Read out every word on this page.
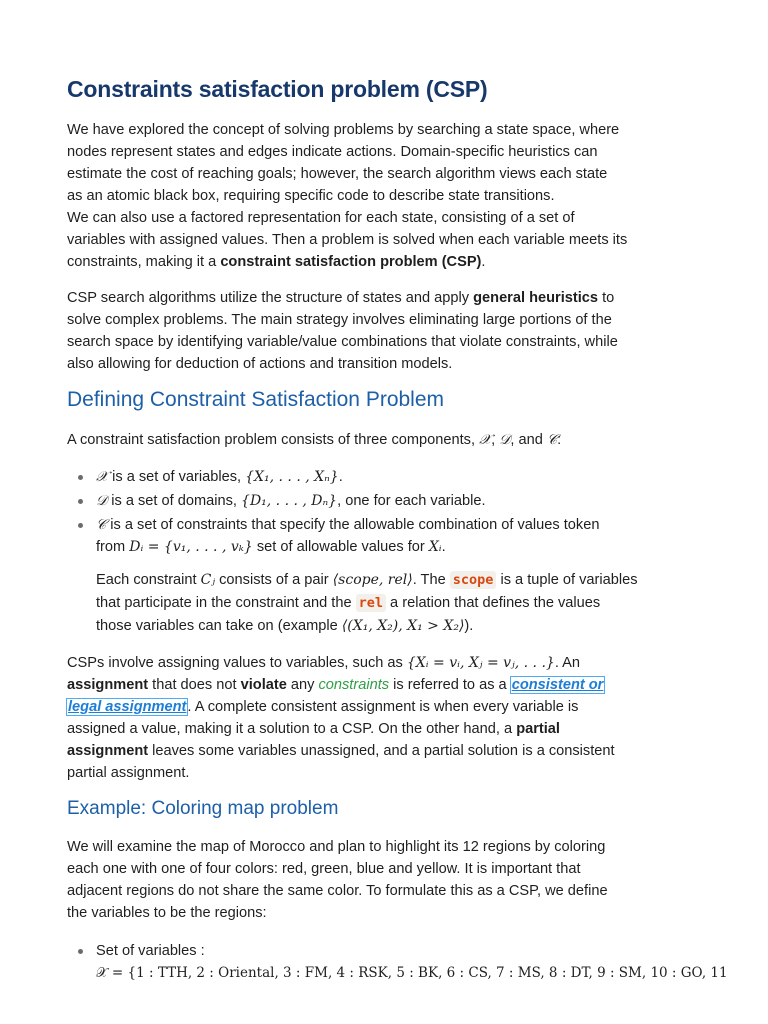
Constraints satisfaction problem (CSP)
We have explored the concept of solving problems by searching a state space, where
nodes represent states and edges indicate actions. Domain-specific heuristics can
estimate the cost of reaching goals; however, the search algorithm views each state
as an atomic black box, requiring specific code to describe state transitions.
We can also use a factored representation for each state, consisting of a set of
variables with assigned values. Then a problem is solved when each variable meets its
constraints, making it a constraint satisfaction problem (CSP).
CSP search algorithms utilize the structure of states and apply general heuristics to
solve complex problems. The main strategy involves eliminating large portions of the
search space by identifying variable/value combinations that violate constraints, while
also allowing for deduction of actions and transition models.
Defining Constraint Satisfaction Problem
A constraint satisfaction problem consists of three components, 𝒳, 𝒟, and 𝒞:
𝒳 is a set of variables, {X₁, . . . , Xₙ}.
𝒟 is a set of domains, {D₁, . . . , Dₙ}, one for each variable.
𝒞 is a set of constraints that specify the allowable combination of values token
from Dᵢ = {v₁, . . . , vₖ} set of allowable values for Xᵢ.
Each constraint Cⱼ consists of a pair ⟨scope, rel⟩. The scope is a tuple of variables
that participate in the constraint and the rel a relation that defines the values
those variables can take on (example ⟨(X₁, X₂), X₁ > X₂⟩).
CSPs involve assigning values to variables, such as {Xᵢ = vᵢ, Xⱼ = vⱼ, . . .}. An
assignment that does not violate any constraints is referred to as a consistent or
legal assignment. A complete consistent assignment is when every variable is
assigned a value, making it a solution to a CSP. On the other hand, a partial
assignment leaves some variables unassigned, and a partial solution is a consistent
partial assignment.
Example: Coloring map problem
We will examine the map of Morocco and plan to highlight its 12 regions by coloring
each one with one of four colors: red, green, blue and yellow. It is important that
adjacent regions do not share the same color. To formulate this as a CSP, we define
the variables to be the regions:
Set of variables :
𝒳 = {1 : TTH, 2 : Oriental, 3 : FM, 4 : RSK, 5 : BK, 6 : CS, 7 : MS, 8 : DT, 9 : SM, 10 : GO, 11
